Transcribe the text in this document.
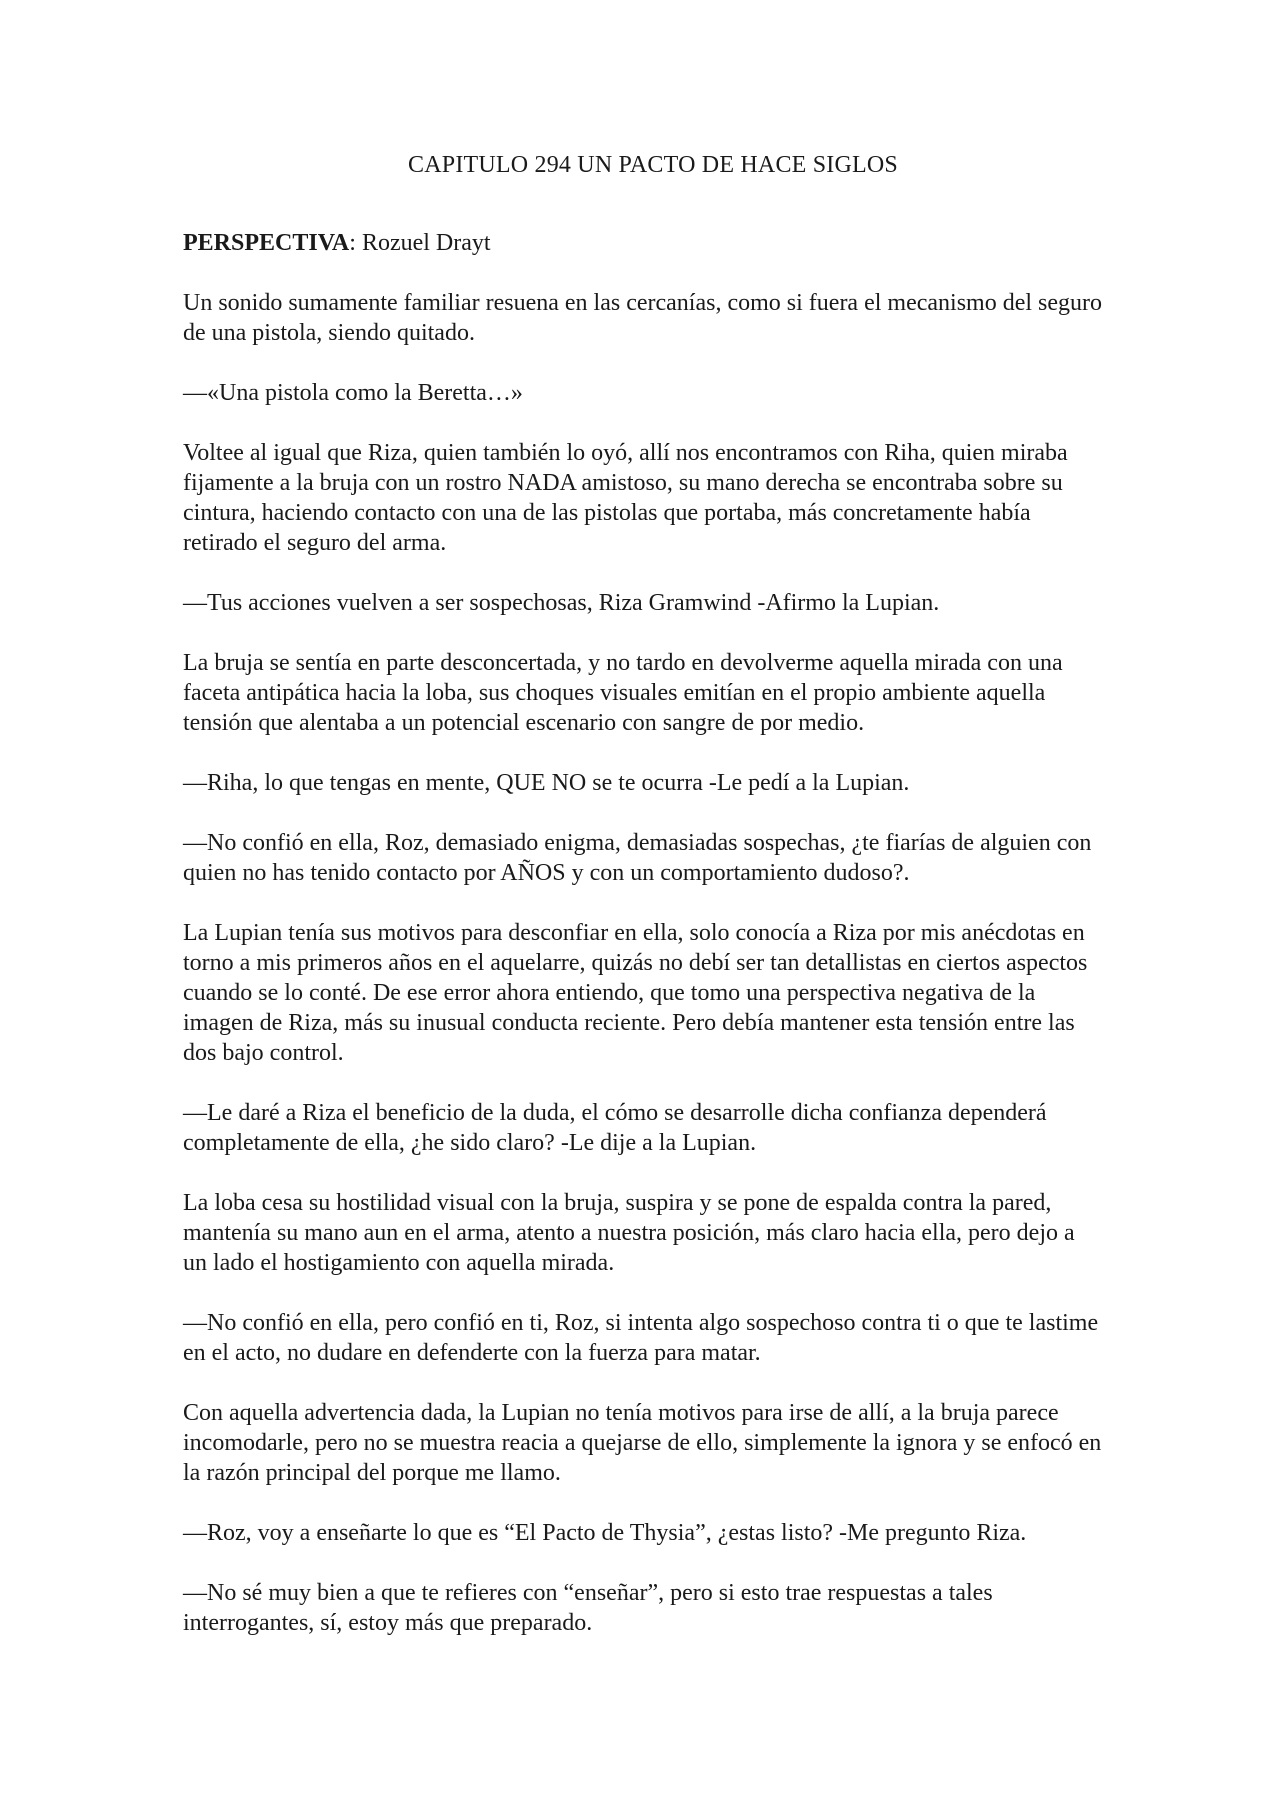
CAPITULO 294 UN PACTO DE HACE SIGLOS
PERSPECTIVA: Rozuel Drayt

Un sonido sumamente familiar resuena en las cercanías, como si fuera el mecanismo del seguro de una pistola, siendo quitado.

—«Una pistola como la Beretta…»

Voltee al igual que Riza, quien también lo oyó, allí nos encontramos con Riha, quien miraba fijamente a la bruja con un rostro NADA amistoso, su mano derecha se encontraba sobre su cintura, haciendo contacto con una de las pistolas que portaba, más concretamente había retirado el seguro del arma.

—Tus acciones vuelven a ser sospechosas, Riza Gramwind -Afirmo la Lupian.

La bruja se sentía en parte desconcertada, y no tardo en devolverme aquella mirada con una faceta antipática hacia la loba, sus choques visuales emitían en el propio ambiente aquella tensión que alentaba a un potencial escenario con sangre de por medio.

—Riha, lo que tengas en mente, QUE NO se te ocurra -Le pedí a la Lupian.

—No confió en ella, Roz, demasiado enigma, demasiadas sospechas, ¿te fiarías de alguien con quien no has tenido contacto por AÑOS y con un comportamiento dudoso?.

La Lupian tenía sus motivos para desconfiar en ella, solo conocía a Riza por mis anécdotas en torno a mis primeros años en el aquelarre, quizás no debí ser tan detallistas en ciertos aspectos cuando se lo conté. De ese error ahora entiendo, que tomo una perspectiva negativa de la imagen de Riza, más su inusual conducta reciente. Pero debía mantener esta tensión entre las dos bajo control.

—Le daré a Riza el beneficio de la duda, el cómo se desarrolle dicha confianza dependerá completamente de ella, ¿he sido claro? -Le dije a la Lupian.

La loba cesa su hostilidad visual con la bruja, suspira y se pone de espalda contra la pared, mantenía su mano aun en el arma, atento a nuestra posición, más claro hacia ella, pero dejo a un lado el hostigamiento con aquella mirada.

—No confió en ella, pero confió en ti, Roz, si intenta algo sospechoso contra ti o que te lastime en el acto, no dudare en defenderte con la fuerza para matar.

Con aquella advertencia dada, la Lupian no tenía motivos para irse de allí, a la bruja parece incomodarle, pero no se muestra reacia a quejarse de ello, simplemente la ignora y se enfocó en la razón principal del porque me llamo.

—Roz, voy a enseñarte lo que es “El Pacto de Thysia”, ¿estas listo? -Me pregunto Riza.

—No sé muy bien a que te refieres con “enseñar”, pero si esto trae respuestas a tales interrogantes, sí, estoy más que preparado.
